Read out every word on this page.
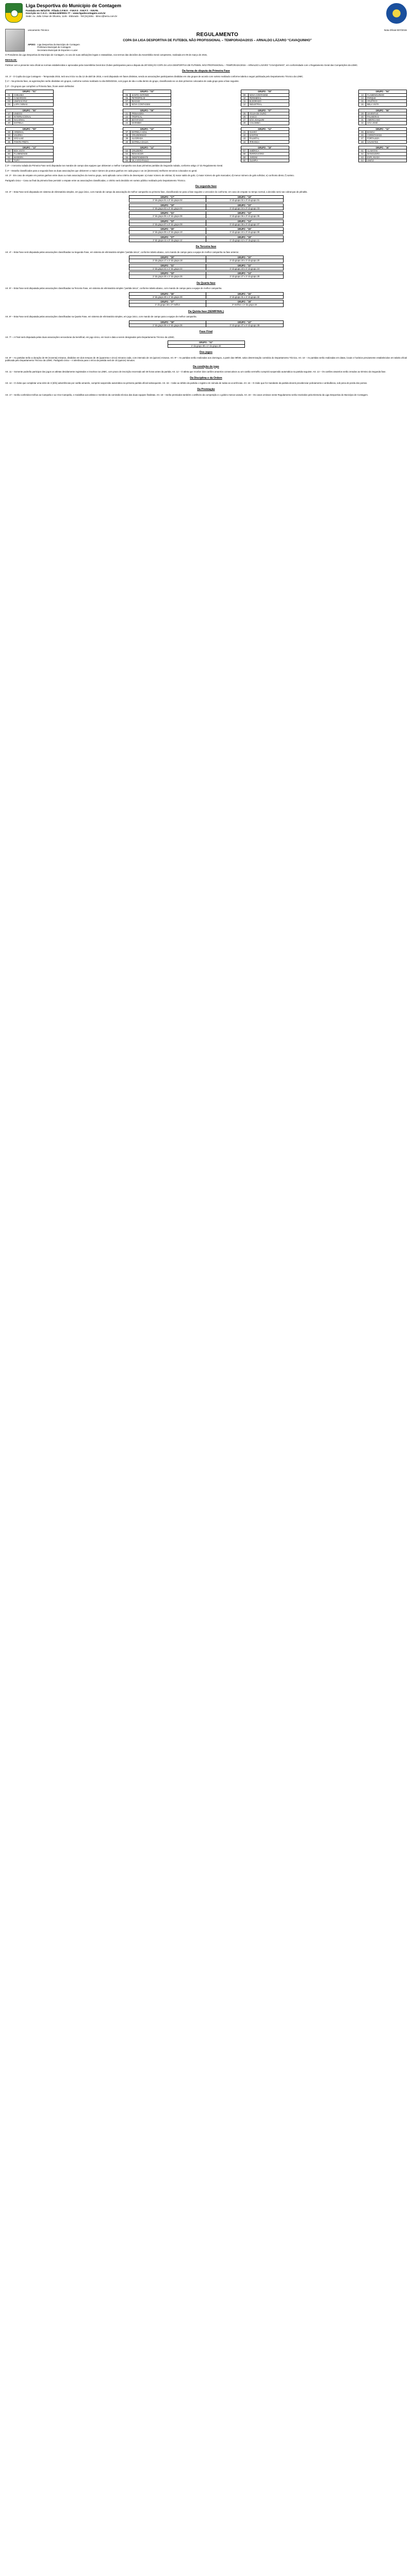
Liga Desportiva do Município de Contagem
Fundada em 06/12/78 - Filiada à F.M.F. - F.M.F.S - F.M.F.T. - F.M.FE.
Inscrição no C.G.C.: 16.844.629/0001-77 – www.ligadecontagem.com.br
Sede: Av. João César de Oliveira, 1145 - Eldorado - Tel:(31)3351 - ldmcc@terra.com.br
unicamento Técnico	Nota Oficial 007/2015
REGULAMENTO
COPA DA LIGA DESPORTIVA DE FUTEBOL NÃO PROFISSIONAL – TEMPORADA/2015 – ARNALDO LÁZARO “CAVAQUINHO”
APOIO: Liga Desportiva do Município de Contagem
Prefeitura Municipal de Contagem
Secretaria Municipal de Esportes e Lazer
O Presidente da Liga Desportiva do Município de Contagem, no uso de suas atribuições legais e estatutárias, nos termos das decisões da Assembléia Geral competente, realizada em 09 de março de 2015,
RESOLVE:
Publicar com a presente nota oficial as normas estabelecidas e aprovadas pela Assembléia Geral dos Clubes participantes para a disputa da 20ª EDIÇÃO COPA DA LIGA DESPORTIVA DE FUTEBOL NÃO PROFISSIONAL – TEMPORADA/2015 – ARNALDO LÁZARO “CAVAQUINHO”, em conformidade com o Regulamento Geral das Competições da LDMC.
Da forma de disputa da Primeira Fase
Art. 1º - O Copão da Liga Contagem – Temporada 2015, terá seu início no dia 12 de abril de 2015, e será disputado em fases distintas, sendo as associações participantes divididas em oito grupos de acordo com sorteio realizado conforme tabela a seguir publicada pelo Departamento Técnico da LDMC.
§ 1º – Na primeira fase, as agremiações serão divididas em grupos, conforme sorteio realizado no dia 09/03/2015, com jogos de ida e volta dentro do grupo, classificando-se os dois primeiros colocados de cada grupo para a fase seguinte.
§ 2º - Os grupos que compõem a Primeira fase, ficam assim definidos:
GRUPO - "01"
01	CHELSEA
02	CAMARGOS
03	UNIÃO E PAZ
04	LAPA / MINAS
GRUPO - "02"
05	SANTO ANTONIO
06	PETRÓPOLIS
07	RIACHO
08	NOVA CONTAGEM
GRUPO - "03"
09	NOVA CONTAGEM
10	PERIMERAL
11	ELDORADO
12	INDUSTRIAL
GRUPO - "04"
13	FLAMENGUINHO
14	PARQUE
15	ATLÉTICO
16	BELA VISTA
GRUPO - "05"
17	UNIDOS
18	INTERNACIONAL
19	NACIONAL
20	ESTRELA
GRUPO - "06"
21	PRIMAVERA
22	TROPICAL
23	BOTAFOGO
24	MARIMBÁ
GRUPO - "07"
25	ÁGUIA DE OURO
26	VASCO
27	SÃO JOAQUIM
28	COLÚMBIA
GRUPO - "08"
29	JUVENTUS
30	PALMEIRAS
31	AMERICANO
32	SÃO JOSÉ
GRUPO - "09"
33	ARSENAL
34	VALÉRIA
35	SÃO LUIZ
36	PONTE PRETA
GRUPO - "10"
37	ESTRELA AZUL
38	CRUZEIRINHO
39	ALVORADA
40	ESTRELA DALVA
GRUPO - "11"
41	GUARÁ
42	SANTOS
43	PALMITAL
44	IPIRANGA
GRUPO - "12"
45	BANGU
46	CORINTHIANS
47	FORTALEZA
48	XAVANTES
GRUPO - "13"
49	BOA VISTA
50	FLUMINENSE
51	MADEIRA
52	TUPY
GRUPO - "14"
53	CRUZEIRO
54	RENASCER
55	INDEPENDENTE
56	VILA SÃO PAULO
GRUPO - "15"
57	AMÉRICA
58	FERROVIÁRIO
59	JARDIM
60	OLIMPIA
GRUPO - "16"
61	AL WATAN
62	MANGUEIRA
63	ESPLANADA
64	UNIÃO
§ 3º – A terceira rodada da Primeira Fase será disputada nos mandos de campo das equipes que obtiveram o melhor Campanha nas duas primeiras partidas da Segunda rodada, conforme artigo 17 do Regulamento Geral.
§ 4º – Estarão classificados para a segunda fase as duas associações que obtiverem o maior número de pontos ganhos em cada grupo e as 16 (dezesseis) melhores terceiros colocados no geral.
Art. 2º - Em caso de empate em pontos ganhos entre duas ou mais associações do mesmo grupo, será aplicado como critério de desempate: a) maior número de vitórias; b) maior saldo de gols; c) maior número de gols marcados; d) menor número de gols sofridos; e) confronto direto; f) sorteio.
Parágrafo único – Caso ao final da primeira fase persistir o empate entre as associações classificadas, o critério será decidido em sorteio público realizado pelo Departamento Técnico.
Da segunda fase
Art. 3º – Esta Fase será disputada em sistema de eliminatória simples, em jogo único, com mando de campo da associação de melhor campanha na primeira fase, classificando-se para a fase seguinte o vencedor do confronto; em caso de empate no tempo normal, a decisão será nas cobranças de pênaltis.
GRUPO - "17"	GRUPO - "18"
1º do grupo 01 x 2º do grupo 02	1º do grupo 02 x 2º do grupo 01
GRUPO - "19"	GRUPO - "20"
1º do grupo 03 x 2º do grupo 04	1º do grupo 04 x 2º do grupo 03
GRUPO - "21"	GRUPO - "22"
1º do grupo 05 x 2º do grupo 06	1º do grupo 06 x 2º do grupo 05
GRUPO - "23"	GRUPO - "24"
1º do grupo 07 x 2º do grupo 08	1º do grupo 08 x 2º do grupo 07
GRUPO - "25"	GRUPO - "26"
1º do grupo 09 x 2º do grupo 10	1º do grupo 10 x 2º do grupo 09
GRUPO - "27"	GRUPO - "28"
1º do grupo 11 x 2º do grupo 12	1º do grupo 12 x 2º do grupo 11
Da Terceira fase
Art. 4º – Esta Fase será disputada pelas associações classificadas na Segunda Fase, em sistema de eliminatória simples "partida única", conforme tabela abaixo, com mando de campo para a equipe de melhor campanha na fase anterior.
GRUPO - "29"	GRUPO - "30"
1º do grupo 17 x 1º do grupo 18	1º do grupo 19 x 1º do grupo 20
GRUPO - "31"	GRUPO - "32"
1º do grupo 21 x 1º do grupo 22	1º do grupo 23 x 1º do grupo 24
GRUPO - "33"	GRUPO - "34"
1º do grupo 25 x 1º do grupo 26	1º do grupo 27 x 1º do grupo 28
Da Quarta fase
Art. 5º – Esta Fase será disputada pelas associações classificadas na Terceira Fase, em sistema de eliminatória simples "partida única", conforme tabela abaixo, com mando de campo para a equipe de melhor campanha.
GRUPO - "35"	GRUPO - "36"
1º do grupo 29 x 1º do grupo 30	1º do grupo 31 x 1º do grupo 32
GRUPO - "37"	GRUPO - "38"
1º do grupo 33 x 2º melhor	2º melhor x 1º do grupo 34
Da Quinta fase (SEMIFINAL)
Art. 6º – Esta Fase será disputada pelas associações classificadas na Quarta Fase, em sistema de eliminatória simples, em jogo único, com mando de campo para a equipe de melhor campanha.
GRUPO - "39"	GRUPO - "40"
1º do grupo 35 x 1º do grupo 36	1º do grupo 37 x 1º do grupo 38
Fase Final
Art. 7º – A Final será disputada pelas duas associações vencedoras da Semifinal, em jogo único, em local e data a serem designados pelo Departamento Técnico da LDMC.
GRUPO - "41"
1º do grupo 39 x 1º do grupo 40
Dos jogos
Art. 8º – As partidas terão a duração de 90 (noventa) minutos, divididos em dois tempos de 45 (quarenta e cinco) minutos cada, com intervalo de 15 (quinze) minutos. Art. 9º – As partidas serão realizadas aos domingos, a partir das 09h00, salvo determinação contrária do Departamento Técnico. Art. 10 – As partidas serão realizadas em datas, locais e horários previamente estabelecidos em tabela oficial publicada pelo Departamento Técnico da LDMC. Parágrafo único – A tolerância para o início da partida será de 15 (quinze) minutos.
Da condição de jogo
Art. 11 – Somente poderão participar dos jogos os atletas devidamente registrados e inscritos na LDMC, com prazo de inscrição encerrado até 48 horas antes da partida. Art. 12 – O atleta que receber dois cartões amarelos consecutivos ou um cartão vermelho cumprirá suspensão automática na partida seguinte. Art. 13 – Os cartões amarelos serão zerados ao término da Segunda fase.
Da Disciplina e da Ordem
Art. 14 – O clube que completar uma série de 3 (três) advertências por cartão amarelo, cumprirá suspensão automática na primeira partida oficial subsequente. Art. 15 – Cabe ao árbitro da partida o registro em súmula de todas as ocorrências. Art. 16 – O clube que for mandante da partida deverá providenciar policiamento e ambulância, sob pena de perda dos pontos.
Da Premiação
Art. 17 – Serão conferidos troféus ao Campeão e ao Vice-Campeão, e medalhas aos atletas e membros da comissão técnica das duas equipes finalistas. Art. 18 – Serão premiados também o artilheiro da competição e o goleiro menos vazado. Art. 19 – Os casos omissos neste Regulamento serão resolvidos pela Diretoria da Liga Desportiva do Município de Contagem.
